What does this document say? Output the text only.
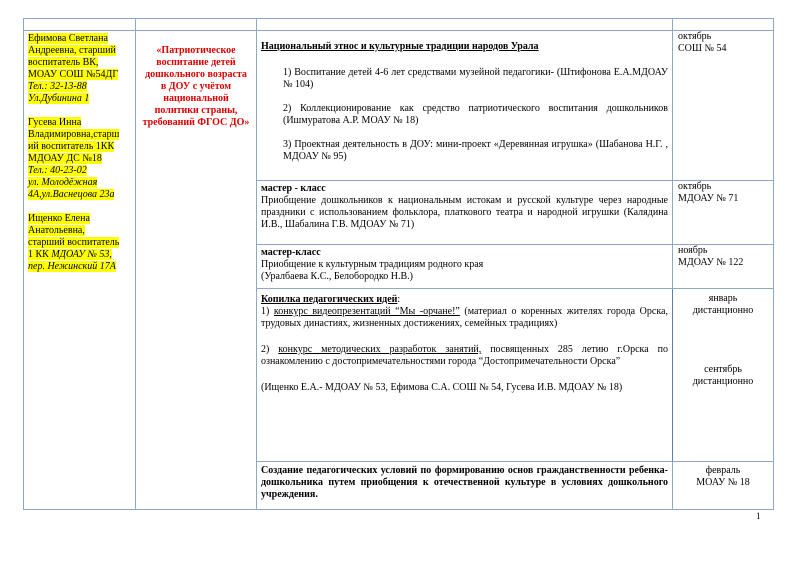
Ефимова Светлана
Андреевна, старший
воспитатель ВК,
МОАУ СОШ №54ДГ
Тел.: 32-13-88
Ул.Дубинина 1
Гусева Инна
Владимировна,старш
ий воспитатель 1КК
МДОАУ ДС №18
Тел.: 40-23-02
ул. Молодёжная
4А,ул.Васнецова 23а
Ищенко Елена
Анатольевна,
старший воспитатель
1 КК МДОАУ № 53,
пер. Нежинский 17А
«Патриотическое воспитание детей дошкольного возраста в ДОУ с учётом национальной политики страны, требований ФГОС ДО»

Национальный этнос и культурные традиции народов Урала

1) Воспитание детей 4-6 лет средствами музейной педагогики- (Штифонова Е.А.МДОАУ № 104)

2) Коллекционирование как средство патриотического воспитания дошкольников (Ишмуратова А.Р. МОАУ № 18)

3) Проектная деятельность в ДОУ: мини-проект «Деревянная игрушка» (Шабанова Н.Г. , МДОАУ № 95)

октябрь
СОШ № 54

мастер - класс

Приобщение дошкольников к национальным истокам и русской культуре через народные праздники с использованием фольклора, платкового театра и народной игрушки (Калядина И.В., Шабалина Г.В. МДОАУ № 71)

октябрь
МДОАУ № 71

мастер-класс

Приобщение к культурным традициям родного края

(Уралбаева К.С., Белобородко Н.В.)

ноябрь
МДОАУ № 122

Копилка педагогических идей:

1) конкурс видеопрезентаций “Мы -орчане!” (материал о коренных жителях города Орска, трудовых династиях, жизненных достижениях, семейных традициях)

2) конкурс методических разработок занятий, посвященных 285 летию г.Орска по ознакомлению с достопримечательностями города “Достопримечательности Орска”

(Ищенко Е.А.- МДОАУ № 53, Ефимова С.А. СОШ № 54, Гусева И.В. МДОАУ № 18)

январь
дистанционно
сентябрь
дистанционно

Создание педагогических условий по формированию основ гражданственности ребенка-дошкольника путем приобщения к отечественной культуре в условиях дошкольного учреждения.

февраль
МОАУ № 18
1
